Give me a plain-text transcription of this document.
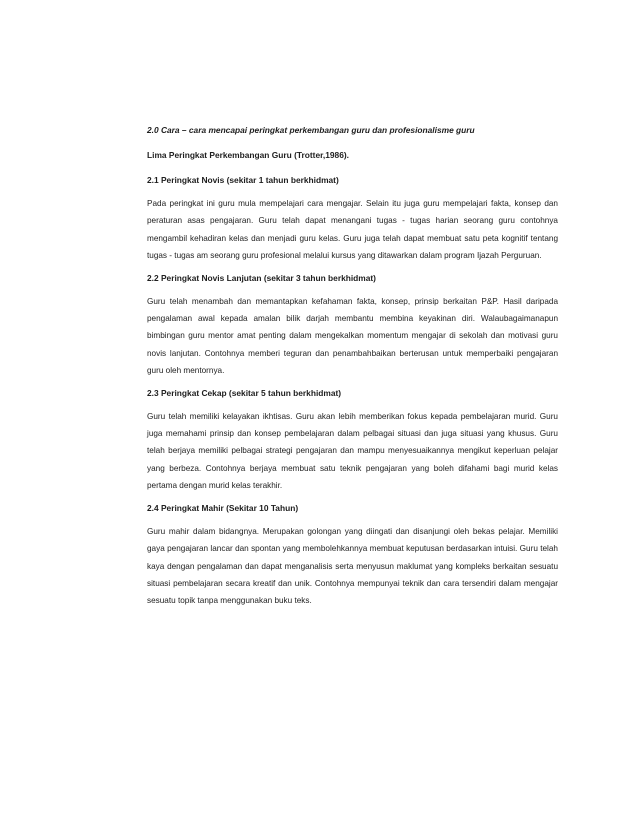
2.0 Cara – cara mencapai peringkat perkembangan guru dan profesionalisme guru
Lima Peringkat Perkembangan Guru (Trotter,1986).
2.1 Peringkat Novis (sekitar 1 tahun berkhidmat)
Pada peringkat ini guru mula mempelajari cara mengajar. Selain itu juga guru mempelajari fakta, konsep dan peraturan asas pengajaran. Guru telah dapat menangani tugas - tugas harian seorang guru contohnya mengambil kehadiran kelas dan menjadi guru kelas. Guru juga telah dapat membuat satu peta kognitif tentang tugas - tugas am seorang guru profesional melalui kursus yang ditawarkan dalam program Ijazah Perguruan.
2.2 Peringkat Novis Lanjutan (sekitar 3 tahun berkhidmat)
Guru telah menambah dan memantapkan kefahaman fakta, konsep, prinsip berkaitan P&P. Hasil daripada pengalaman awal kepada amalan bilik darjah membantu membina keyakinan diri. Walaubagaimanapun bimbingan guru mentor amat penting dalam mengekalkan momentum mengajar di sekolah dan motivasi guru novis lanjutan. Contohnya memberi teguran dan penambahbaikan berterusan untuk memperbaiki pengajaran guru oleh mentornya.
2.3 Peringkat Cekap (sekitar 5 tahun berkhidmat)
Guru telah memiliki kelayakan ikhtisas. Guru akan lebih memberikan fokus kepada pembelajaran murid. Guru juga memahami prinsip dan konsep pembelajaran dalam pelbagai situasi dan juga situasi yang khusus. Guru telah berjaya memiliki pelbagai strategi pengajaran dan mampu menyesuaikannya mengikut keperluan pelajar yang berbeza. Contohnya berjaya membuat satu teknik pengajaran yang boleh difahami bagi murid kelas pertama dengan murid kelas terakhir.
2.4 Peringkat Mahir (Sekitar 10 Tahun)
Guru mahir dalam bidangnya. Merupakan golongan yang diingati dan disanjungi oleh bekas pelajar. Memiliki gaya pengajaran lancar dan spontan yang membolehkannya membuat keputusan berdasarkan intuisi. Guru telah kaya dengan pengalaman dan dapat menganalisis serta menyusun maklumat yang kompleks berkaitan sesuatu situasi pembelajaran secara kreatif dan unik. Contohnya mempunyai teknik dan cara tersendiri dalam mengajar sesuatu topik tanpa menggunakan buku teks.
